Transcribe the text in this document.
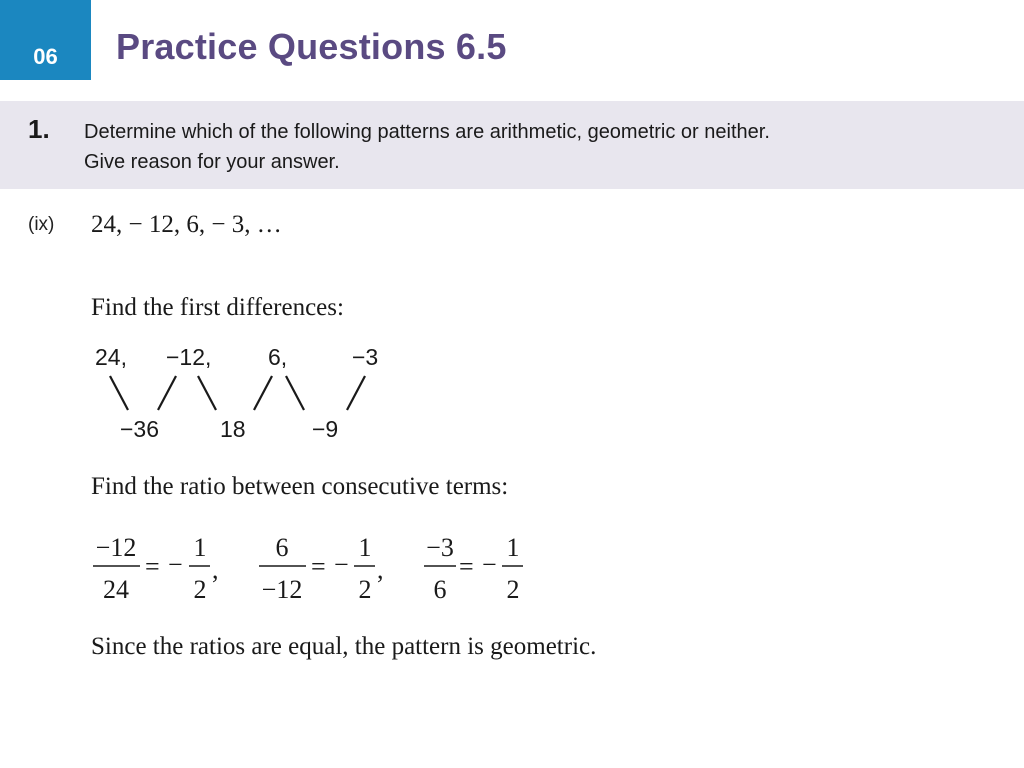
06 Practice Questions 6.5
1. Determine which of the following patterns are arithmetic, geometric or neither.
Give reason for your answer.
(ix) 24, − 12, 6, − 3, …
Find the first differences:
24, −12, 6,	−3
−36	18	−9
Find the ratio between consecutive terms:
−12
24
= −
1
2
,
6
−12
= −
1
2
,
−3
6
= −
1
2
Since the ratios are equal, the pattern is geometric.
